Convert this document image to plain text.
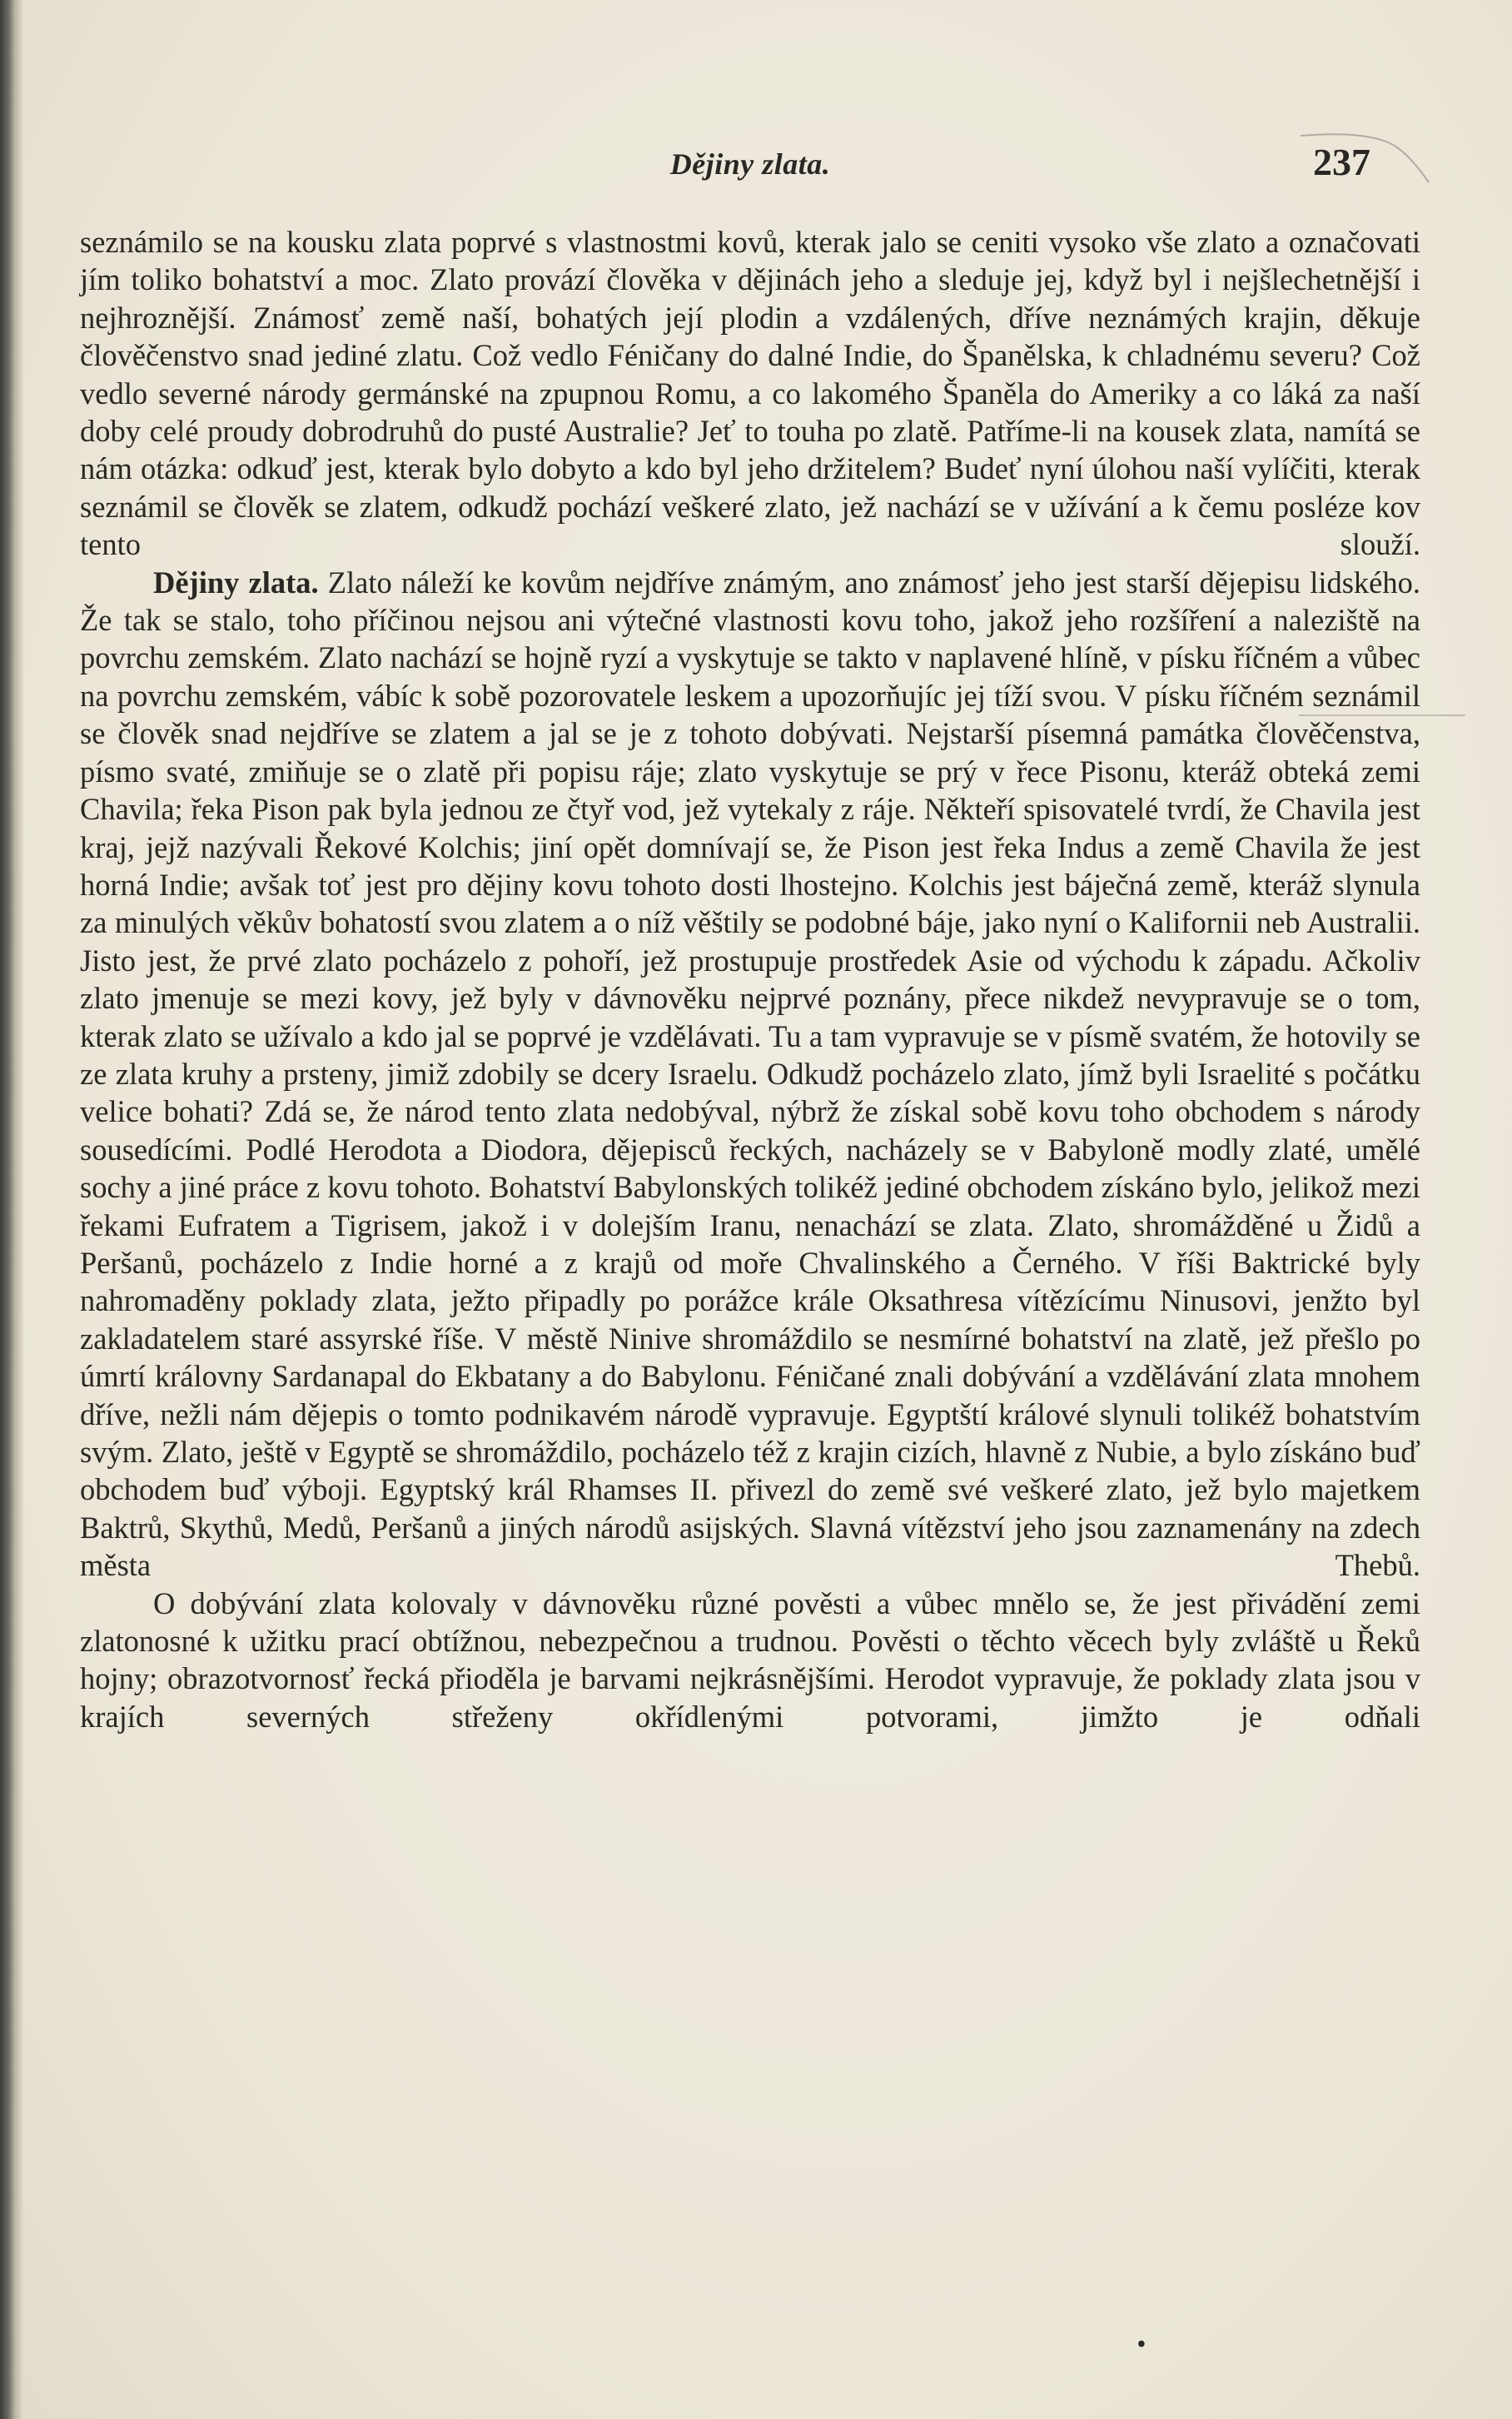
Dějiny zlata.	237

seznámilo se na kousku zlata poprvé s vlastnostmi kovů, kterak jalo se ceniti vysoko vše zlato a označovati jím toliko bohatství a moc. Zlato provází člověka v dějinách jeho a sleduje jej, když byl i nejšlechetnější i nejhroznější. Známosť země naší, bohatých její plodin a vzdálených, dříve neznámých krajin, děkuje člověčenstvo snad jediné zlatu. Což vedlo Féničany do dalné Indie, do Španělska, k chladnému severu? Což vedlo severné národy germánské na zpupnou Romu, a co lakomého Španěla do Ameriky a co láká za naší doby celé proudy dobrodruhů do pusté Australie? Jeť to touha po zlatě. Patříme-li na kousek zlata, namítá se nám otázka: odkuď jest, kterak bylo dobyto a kdo byl jeho držitelem? Budeť nyní úlohou naší vylíčiti, kterak seznámil se člověk se zlatem, odkudž pochází veškeré zlato, jež nachází se v užívání a k čemu posléze kov tento slouží.

Dějiny zlata. Zlato náleží ke kovům nejdříve známým, ano známosť jeho jest starší dějepisu lidského. Že tak se stalo, toho příčinou nejsou ani výtečné vlastnosti kovu toho, jakož jeho rozšíření a naleziště na povrchu zemském. Zlato nachází se hojně ryzí a vyskytuje se takto v naplavené hlíně, v písku říčném a vůbec na povrchu zemském, vábíc k sobě pozorovatele leskem a upozorňujíc jej tíží svou. V písku říčném seznámil se člověk snad nejdříve se zlatem a jal se je z tohoto dobývati. Nejstarší písemná památka člověčenstva, písmo svaté, zmiňuje se o zlatě při popisu ráje; zlato vyskytuje se prý v řece Pisonu, kteráž obteká zemi Chavila; řeka Pison pak byla jednou ze čtyř vod, jež vytekaly z ráje. Někteří spisovatelé tvrdí, že Chavila jest kraj, jejž nazývali Řekové Kolchis; jiní opět domnívají se, že Pison jest řeka Indus a země Chavila že jest horná Indie; avšak toť jest pro dějiny kovu tohoto dosti lhostejno. Kolchis jest báječná země, kteráž slynula za minulých věkův bohatostí svou zlatem a o níž věštily se podobné báje, jako nyní o Kalifornii neb Australii. Jisto jest, že prvé zlato pocházelo z pohoří, jež prostupuje prostředek Asie od východu k západu. Ačkoliv zlato jmenuje se mezi kovy, jež byly v dávnověku nejprvé poznány, přece nikdež nevypravuje se o tom, kterak zlato se užívalo a kdo jal se poprvé je vzdělávati. Tu a tam vypravuje se v písmě svatém, že hotovily se ze zlata kruhy a prsteny, jimiž zdobily se dcery Israelu. Odkudž pocházelo zlato, jímž byli Israelité s počátku velice bohati? Zdá se, že národ tento zlata nedobýval, nýbrž že získal sobě kovu toho obchodem s národy sousedícími. Podlé Herodota a Diodora, dějepisců řeckých, nacházely se v Babyloně modly zlaté, umělé sochy a jiné práce z kovu tohoto. Bohatství Babylonských tolikéž jediné obchodem získáno bylo, jelikož mezi řekami Eufratem a Tigrisem, jakož i v dolejším Iranu, nenachází se zlata. Zlato, shromážděné u Židů a Peršanů, pocházelo z Indie horné a z krajů od moře Chvalinského a Černého. V říši Baktrické byly nahromaděny poklady zlata, ježto připadly po porážce krále Oksathresa vítězícímu Ninusovi, jenžto byl zakladatelem staré assyrské říše. V městě Ninive shromáždilo se nesmírné bohatství na zlatě, jež přešlo po úmrtí královny Sardanapal do Ekbatany a do Babylonu. Féničané znali dobývání a vzdělávání zlata mnohem dříve, nežli nám dějepis o tomto podnikavém národě vypravuje. Egyptští králové slynuli tolikéž bohatstvím svým. Zlato, ještě v Egyptě se shromáždilo, pocházelo též z krajin cizích, hlavně z Nubie, a bylo získáno buď obchodem buď výboji. Egyptský král Rhamses II. přivezl do země své veškeré zlato, jež bylo majetkem Baktrů, Skythů, Medů, Peršanů a jiných národů asijských. Slavná vítězství jeho jsou zaznamenány na zdech města Thebů.

O dobývání zlata kolovaly v dávnověku různé pověsti a vůbec mnělo se, že jest přivádění zemi zlatonosné k užitku prací obtížnou, nebezpečnou a trudnou. Pověsti o těchto věcech byly zvláště u Řeků hojny; obrazotvornosť řecká přioděla je barvami nejkrásnějšími. Herodot vypravuje, že poklady zlata jsou v krajích severných střeženy okřídlenými potvorami, jimžto je odňali

•
